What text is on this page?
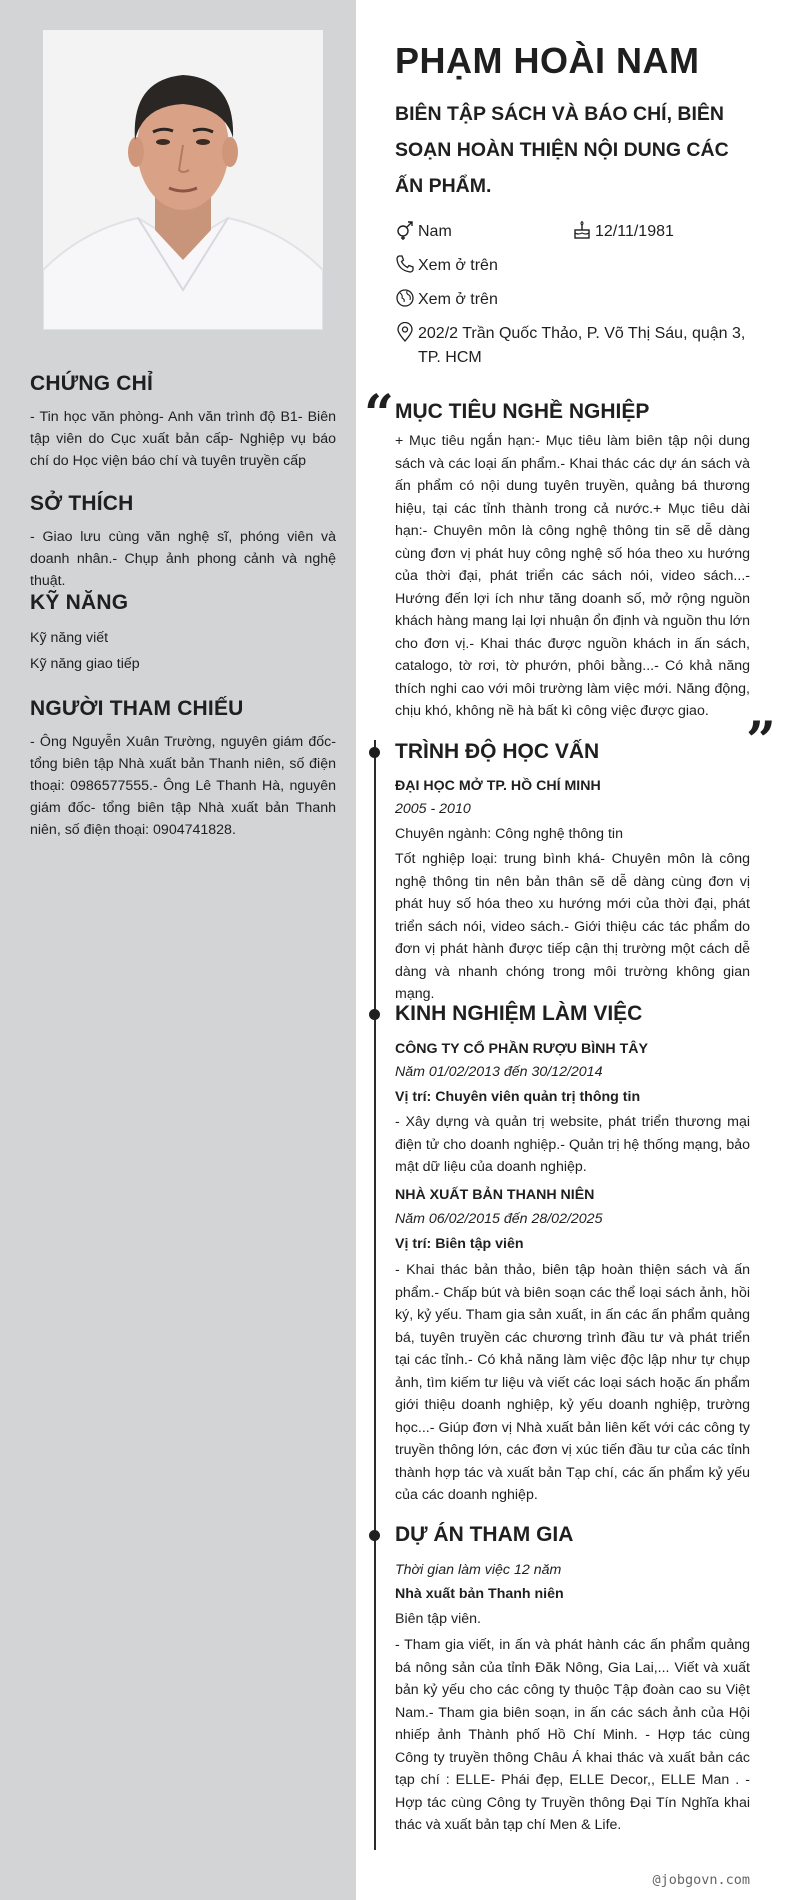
CHỨNG CHỈ

- Tin học văn phòng- Anh văn trình độ B1- Biên tập viên do Cục xuất bản cấp- Nghiệp vụ báo chí do Học viện báo chí và tuyên truyền cấp

SỞ THÍCH

- Giao lưu cùng văn nghệ sĩ, phóng viên và doanh nhân.- Chụp ảnh phong cảnh và nghệ thuật.

KỸ NĂNG
Kỹ năng viết
Kỹ năng giao tiếp
NGƯỜI THAM CHIẾU

- Ông Nguyễn Xuân Trường, nguyên giám đốc- tổng biên tập Nhà xuất bản Thanh niên, số điện thoại: 0986577555.- Ông Lê Thanh Hà, nguyên giám đốc- tổng biên tập Nhà xuất bản Thanh niên, số điện thoại: 0904741828.

PHẠM HOÀI NAM
BIÊN TẬP SÁCH VÀ BÁO CHÍ, BIÊN SOẠN HOÀN THIỆN NỘI DUNG CÁC ẤN PHẨM.
Nam	12/11/1981
Xem ở trên
Xem ở trên
202/2 Trần Quốc Thảo, P. Võ Thị Sáu, quận 3, TP. HCM
“ MỤC TIÊU NGHỀ NGHIỆP

+ Mục tiêu ngắn hạn:- Mục tiêu làm biên tập nội dung sách và các loại ấn phẩm.- Khai thác các dự án sách và ấn phẩm có nội dung tuyên truyền, quảng bá thương hiệu, tại các tỉnh thành trong cả nước.+ Mục tiêu dài hạn:- Chuyên môn là công nghệ thông tin sẽ dễ dàng cùng đơn vị phát huy công nghệ số hóa theo xu hướng của thời đại, phát triển các sách nói, video sách...- Hướng đến lợi ích như tăng doanh số, mở rộng nguồn khách hàng mang lại lợi nhuận ổn định và nguồn thu lớn cho đơn vị.- Khai thác được nguồn khách in ấn sách, catalogo, tờ rơi, tờ phướn, phôi bằng...- Có khả năng thích nghi cao với môi trường làm việc mới. Năng động, chịu khó, không nề hà bất kì công việc được giao. ”
TRÌNH ĐỘ HỌC VẤN
ĐẠI HỌC MỞ TP. HỒ CHÍ MINH
2005 - 2010
Chuyên ngành: Công nghệ thông tin

Tốt nghiệp loại: trung bình khá- Chuyên môn là công nghệ thông tin nên bản thân sẽ dễ dàng cùng đơn vị phát huy số hóa theo xu hướng mới của thời đại, phát triển sách nói, video sách.- Giới thiệu các tác phẩm do đơn vị phát hành được tiếp cận thị trường một cách dễ dàng và nhanh chóng trong môi trường không gian mạng.

KINH NGHIỆM LÀM VIỆC
CÔNG TY CỔ PHẦN RƯỢU BÌNH TÂY
Năm 01/02/2013 đến 30/12/2014
Vị trí: Chuyên viên quản trị thông tin

- Xây dựng và quản trị website, phát triển thương mại điện tử cho doanh nghiệp.- Quản trị hệ thống mạng, bảo mật dữ liệu của doanh nghiệp.

NHÀ XUẤT BẢN THANH NIÊN
Năm 06/02/2015 đến 28/02/2025
Vị trí: Biên tập viên

- Khai thác bản thảo, biên tập hoàn thiện sách và ấn phẩm.- Chấp bút và biên soạn các thể loại sách ảnh, hồi ký, kỷ yếu. Tham gia sản xuất, in ấn các ấn phẩm quảng bá, tuyên truyền các chương trình đầu tư và phát triển tại các tỉnh.- Có khả năng làm việc độc lập như tự chụp ảnh, tìm kiếm tư liệu và viết các loại sách hoặc ấn phẩm giới thiệu doanh nghiệp, kỷ yếu doanh nghiệp, trường học...- Giúp đơn vị Nhà xuất bản liên kết với các công ty truyền thông lớn, các đơn vị xúc tiến đầu tư của các tỉnh thành hợp tác và xuất bản Tạp chí, các ấn phẩm kỷ yếu của các doanh nghiệp.

DỰ ÁN THAM GIA
Thời gian làm việc 12 năm
Nhà xuất bản Thanh niên
Biên tập viên.

- Tham gia viết, in ấn và phát hành các ấn phẩm quảng bá nông sản của tỉnh Đăk Nông, Gia Lai,... Viết và xuất bản kỷ yếu cho các công ty thuộc Tập đoàn cao su Việt Nam.- Tham gia biên soạn, in ấn các sách ảnh của Hội nhiếp ảnh Thành phố Hồ Chí Minh. - Hợp tác cùng Công ty truyền thông Châu Á khai thác và xuất bản các tạp chí : ELLE- Phái đẹp, ELLE Decor,, ELLE Man . - Hợp tác cùng Công ty Truyền thông Đại Tín Nghĩa khai thác và xuất bản tạp chí Men & Life.

@jobgovn.com
